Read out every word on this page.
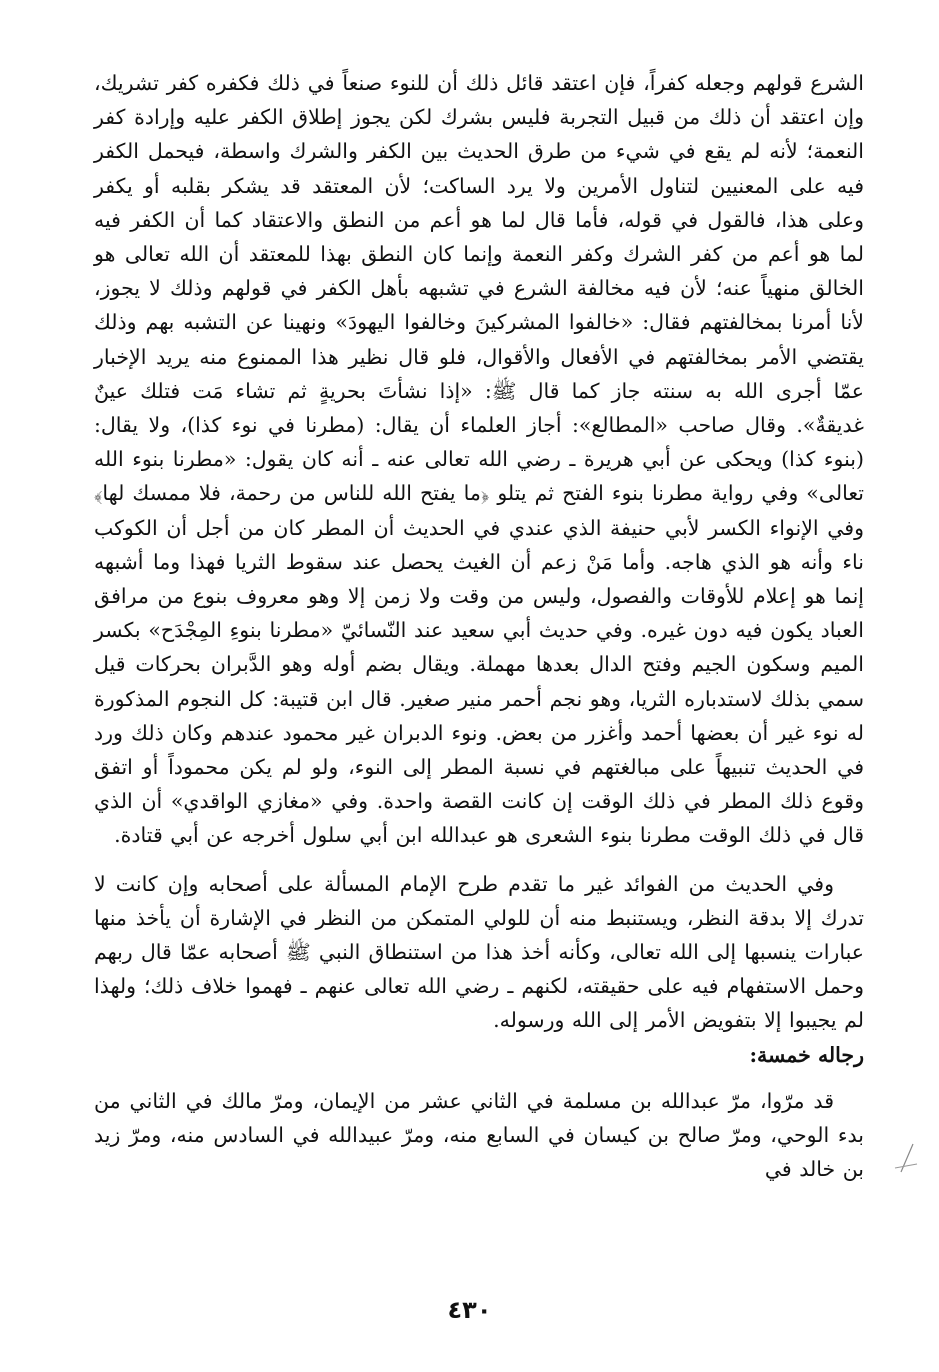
الشرع قولهم وجعله كفراً، فإن اعتقد قائل ذلك أن للنوء صنعاً في ذلك فكفره كفر تشريك، وإن اعتقد أن ذلك من قبيل التجربة فليس بشرك لكن يجوز إطلاق الكفر عليه وإرادة كفر النعمة؛ لأنه لم يقع في شيء من طرق الحديث بين الكفر والشرك واسطة، فيحمل الكفر فيه على المعنيين لتناول الأمرين ولا يرد الساكت؛ لأن المعتقد قد يشكر بقلبه أو يكفر وعلى هذا، فالقول في قوله، فأما قال لما هو أعم من النطق والاعتقاد كما أن الكفر فيه لما هو أعم من كفر الشرك وكفر النعمة وإنما كان النطق بهذا للمعتقد أن الله تعالى هو الخالق منهياً عنه؛ لأن فيه مخالفة الشرع في تشبهه بأهل الكفر في قولهم وذلك لا يجوز، لأنا أمرنا بمخالفتهم فقال: «خالفوا المشركينَ وخالفوا اليهودَ» ونهينا عن التشبه بهم وذلك يقتضي الأمر بمخالفتهم في الأفعال والأقوال، فلو قال نظير هذا الممنوع منه يريد الإخبار عمّا أجرى الله به سنته جاز كما قال ﷺ: «إذا نشأتَ بحريةٍ ثم تشاء مَت فتلك عينٌ غديقةٌ». وقال صاحب «المطالع»: أجاز العلماء أن يقال: (مطرنا في نوء كذا)، ولا يقال: (بنوء كذا) ويحكى عن أبي هريرة ـ رضي الله تعالى عنه ـ أنه كان يقول: «مطرنا بنوء الله تعالى» وفي رواية مطرنا بنوء الفتح ثم يتلو ﴿ما يفتح الله للناس من رحمة، فلا ممسك لها﴾ وفي الإنواء الكسر لأبي حنيفة الذي عندي في الحديث أن المطر كان من أجل أن الكوكب ناء وأنه هو الذي هاجه. وأما مَنْ زعم أن الغيث يحصل عند سقوط الثريا فهذا وما أشبهه إنما هو إعلام للأوقات والفصول، وليس من وقت ولا زمن إلا وهو معروف بنوع من مرافق العباد يكون فيه دون غيره. وفي حديث أبي سعيد عند النّسائيّ «مطرنا بنوءِ المِجْدَح» بكسر الميم وسكون الجيم وفتح الدال بعدها مهملة. ويقال بضم أوله وهو الدَّبران بحركات قيل سمي بذلك لاستدباره الثريا، وهو نجم أحمر منير صغير. قال ابن قتيبة: كل النجوم المذكورة له نوء غير أن بعضها أحمد وأغزر من بعض. ونوء الدبران غير محمود عندهم وكان ذلك ورد في الحديث تنبيهاً على مبالغتهم في نسبة المطر إلى النوء، ولو لم يكن محموداً أو اتفق وقوع ذلك المطر في ذلك الوقت إن كانت القصة واحدة. وفي «مغازي الواقدي» أن الذي قال في ذلك الوقت مطرنا بنوء الشعرى هو عبدالله ابن أبي سلول أخرجه عن أبي قتادة.

وفي الحديث من الفوائد غير ما تقدم طرح الإمام المسألة على أصحابه وإن كانت لا تدرك إلا بدقة النظر، ويستنبط منه أن للولي المتمكن من النظر في الإشارة أن يأخذ منها عبارات ينسبها إلى الله تعالى، وكأنه أخذ هذا من استنطاق النبي ﷺ أصحابه عمّا قال ربهم وحمل الاستفهام فيه على حقيقته، لكنهم ـ رضي الله تعالى عنهم ـ فهموا خلاف ذلك؛ ولهذا لم يجيبوا إلا بتفويض الأمر إلى الله ورسوله.

رجاله خمسة:

قد مرّوا، مرّ عبدالله بن مسلمة في الثاني عشر من الإيمان، ومرّ مالك في الثاني من بدء الوحي، ومرّ صالح بن كيسان في السابع منه، ومرّ عبيدالله في السادس منه، ومرّ زيد بن خالد في

٤٣٠
